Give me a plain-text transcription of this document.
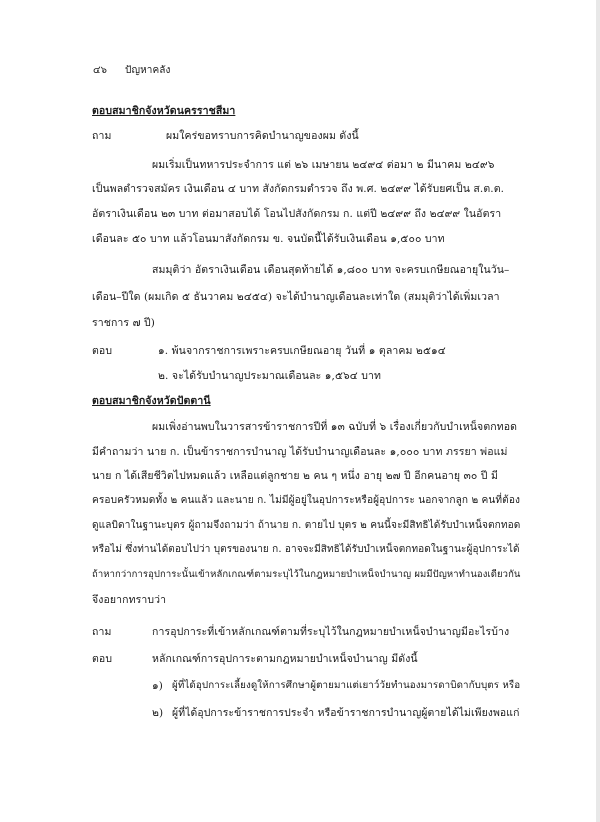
๔๖ ปัญหาคลัง
ตอบสมาชิกจังหวัดนครราชสีมา
ถาม	ผมใคร่ขอทราบการคิดบำนาญของผม ดังนี้
ผมเริ่มเป็นทหารประจำการ แต่ ๒๖ เมษายน ๒๔๙๔ ต่อมา ๒ มีนาคม ๒๔๙๖
เป็นพลตำรวจสมัคร เงินเดือน ๔ บาท สังกัดกรมตำรวจ ถึง พ.ศ. ๒๔๙๙ ได้รับยศเป็น ส.ต.ต.
อัตราเงินเดือน ๒๓ บาท ต่อมาสอบได้ โอนไปสังกัดกรม ก. แต่ปี ๒๔๙๙ ถึง ๒๔๙๙ ในอัตรา
เดือนละ ๕๐ บาท แล้วโอนมาสังกัดกรม ข. จนบัดนี้ได้รับเงินเดือน ๑,๕๐๐ บาท
สมมุติว่า อัตราเงินเดือน เดือนสุดท้ายได้ ๑,๘๐๐ บาท จะครบเกษียณอายุในวัน–
เดือน–ปีใด (ผมเกิด ๕ ธันวาคม ๒๔๕๔) จะได้บำนาญเดือนละเท่าใด (สมมุติว่าได้เพิ่มเวลา
ราชการ ๗ ปี)
ตอบ	๑. พ้นจากราชการเพราะครบเกษียณอายุ วันที่ ๑ ตุลาคม ๒๕๑๔
๒. จะได้รับบำนาญประมาณเดือนละ ๑,๕๖๔ บาท
ตอบสมาชิกจังหวัดปัตตานี
ผมเพิ่งอ่านพบในวารสารข้าราชการปีที่ ๑๓ ฉบับที่ ๖ เรื่องเกี่ยวกับบำเหน็จตกทอด
มีคำถามว่า นาย ก. เป็นข้าราชการบำนาญ ได้รับบำนาญเดือนละ ๑,๐๐๐ บาท ภรรยา พ่อแม่
นาย ก ได้เสียชีวิตไปหมดแล้ว เหลือแต่ลูกชาย ๒ คน ๆ หนึ่ง อายุ ๒๗ ปี อีกคนอายุ ๓๐ ปี มี
ครอบครัวหมดทั้ง ๒ คนแล้ว และนาย ก. ไม่มีผู้อยู่ในอุปการะหรือผู้อุปการะ นอกจากลูก ๒ คนที่ต้อง
ดูแลบิดาในฐานะบุตร ผู้ถามจึงถามว่า ถ้านาย ก. ตายไป บุตร ๒ คนนี้จะมีสิทธิได้รับบำเหน็จตกทอด
หรือไม่ ซึ่งท่านได้ตอบไปว่า บุตรของนาย ก. อาจจะมีสิทธิได้รับบำเหน็จตกทอดในฐานะผู้อุปการะได้
ถ้าหากว่าการอุปการะนั้นเข้าหลักเกณฑ์ตามระบุไว้ในกฎหมายบำเหน็จบำนาญ ผมมีปัญหาทำนองเดียวกัน
จึงอยากทราบว่า
ถาม	การอุปการะที่เข้าหลักเกณฑ์ตามที่ระบุไว้ในกฎหมายบำเหน็จบำนาญมีอะไรบ้าง
ตอบ	หลักเกณฑ์การอุปการะตามกฎหมายบำเหน็จบำนาญ มีดังนี้
๑) ผู้ที่ได้อุปการะเลี้ยงดูให้การศึกษาผู้ตายมาแต่เยาว์วัยทำนองมารดาบิดากับบุตร หรือ
๒) ผู้ที่ได้อุปการะข้าราชการประจำ หรือข้าราชการบำนาญผู้ตายได้ไม่เพียงพอแก่
